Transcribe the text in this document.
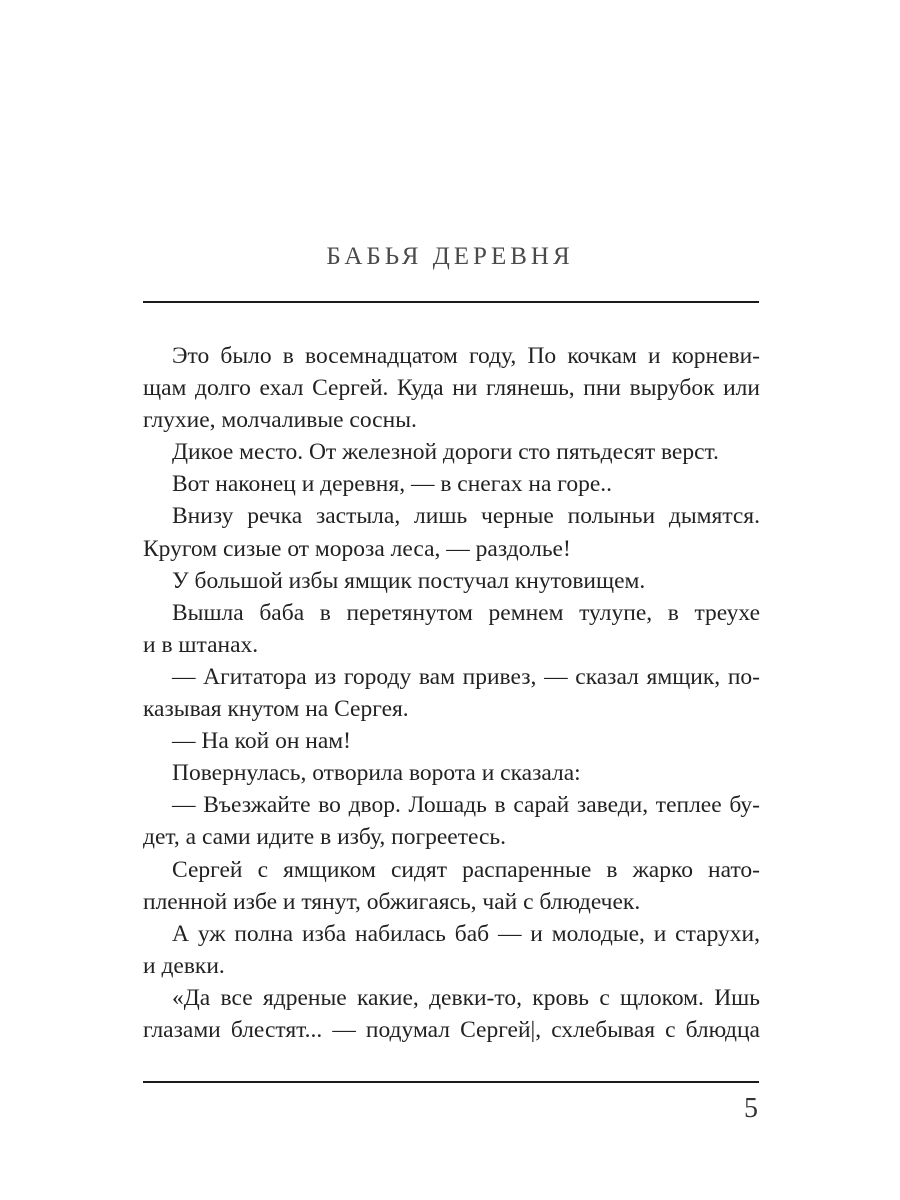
БАБЬЯ ДЕРЕВНЯ
Это было в восемнадцатом году, По кочкам и корневи-
щам долго ехал Сергей. Куда ни глянешь, пни вырубок или
глухие, молчаливые сосны.
Дикое место. От железной дороги сто пятьдесят верст.
Вот наконец и деревня, — в снегах на горе..
Внизу речка застыла, лишь черные полыньи дымятся.
Кругом сизые от мороза леса, — раздолье!
У большой избы ямщик постучал кнутовищем.
Вышла баба в перетянутом ремнем тулупе, в треухе
и в штанах.
— Агитатора из городу вам привез, — сказал ямщик, по-
казывая кнутом на Сергея.
— На кой он нам!
Повернулась, отворила ворота и сказала:
— Въезжайте во двор. Лошадь в сарай заведи, теплее бу-
дет, а сами идите в избу, погреетесь.
Сергей с ямщиком сидят распаренные в жарко нато-
пленной избе и тянут, обжигаясь, чай с блюдечек.
А уж полна изба набилась баб — и молодые, и старухи,
и девки.
«Да все ядреные какие, девки-то, кровь с щлоком. Ишь
глазами блестят... — подумал Сергей|, схлебывая с блюдца
5
